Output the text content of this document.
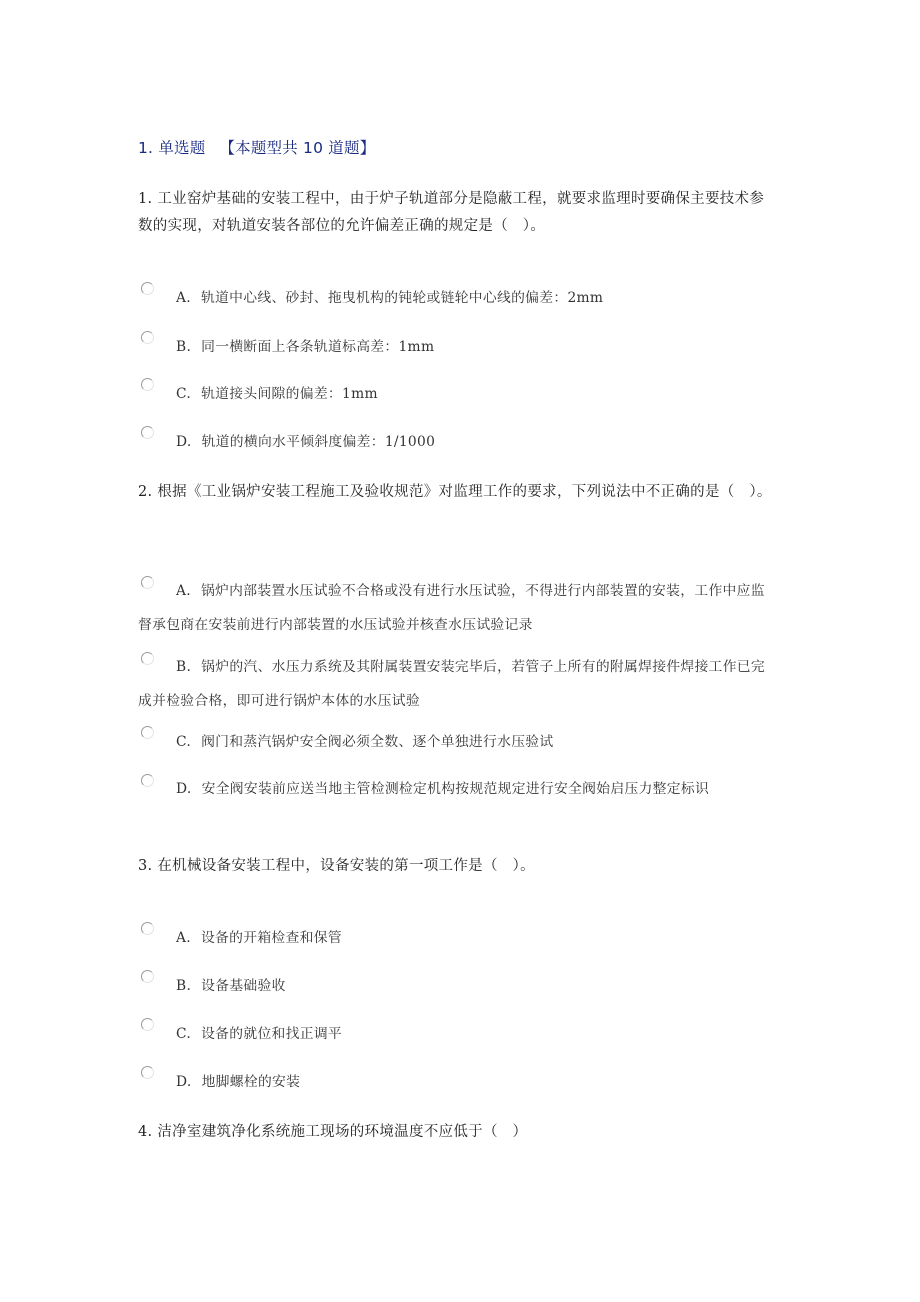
1. 单选题 【本题型共 10 道题】
1. 工业窑炉基础的安装工程中，由于炉子轨道部分是隐蔽工程，就要求监理时要确保主要技术参数的实现，对轨道安装各部位的允许偏差正确的规定是（　）。
A. 轨道中心线、砂封、拖曳机构的钝轮或链轮中心线的偏差：2mm
B. 同一横断面上各条轨道标高差：1mm
C. 轨道接头间隙的偏差：1mm
D. 轨道的横向水平倾斜度偏差：1/1000
2. 根据《工业锅炉安装工程施工及验收规范》对监理工作的要求，下列说法中不正确的是（　）。
A. 锅炉内部装置水压试验不合格或没有进行水压试验，不得进行内部装置的安装，工作中应监督承包商在安装前进行内部装置的水压试验并核查水压试验记录
B. 锅炉的汽、水压力系统及其附属装置安装完毕后，若管子上所有的附属焊接件焊接工作已完成并检验合格，即可进行锅炉本体的水压试验
C. 阀门和蒸汽锅炉安全阀必须全数、逐个单独进行水压验试
D. 安全阀安装前应送当地主管检测检定机构按规范规定进行安全阀始启压力整定标识
3. 在机械设备安装工程中，设备安装的第一项工作是（　）。
A. 设备的开箱检查和保管
B. 设备基础验收
C. 设备的就位和找正调平
D. 地脚螺栓的安装
4. 洁净室建筑净化系统施工现场的环境温度不应低于（　）
